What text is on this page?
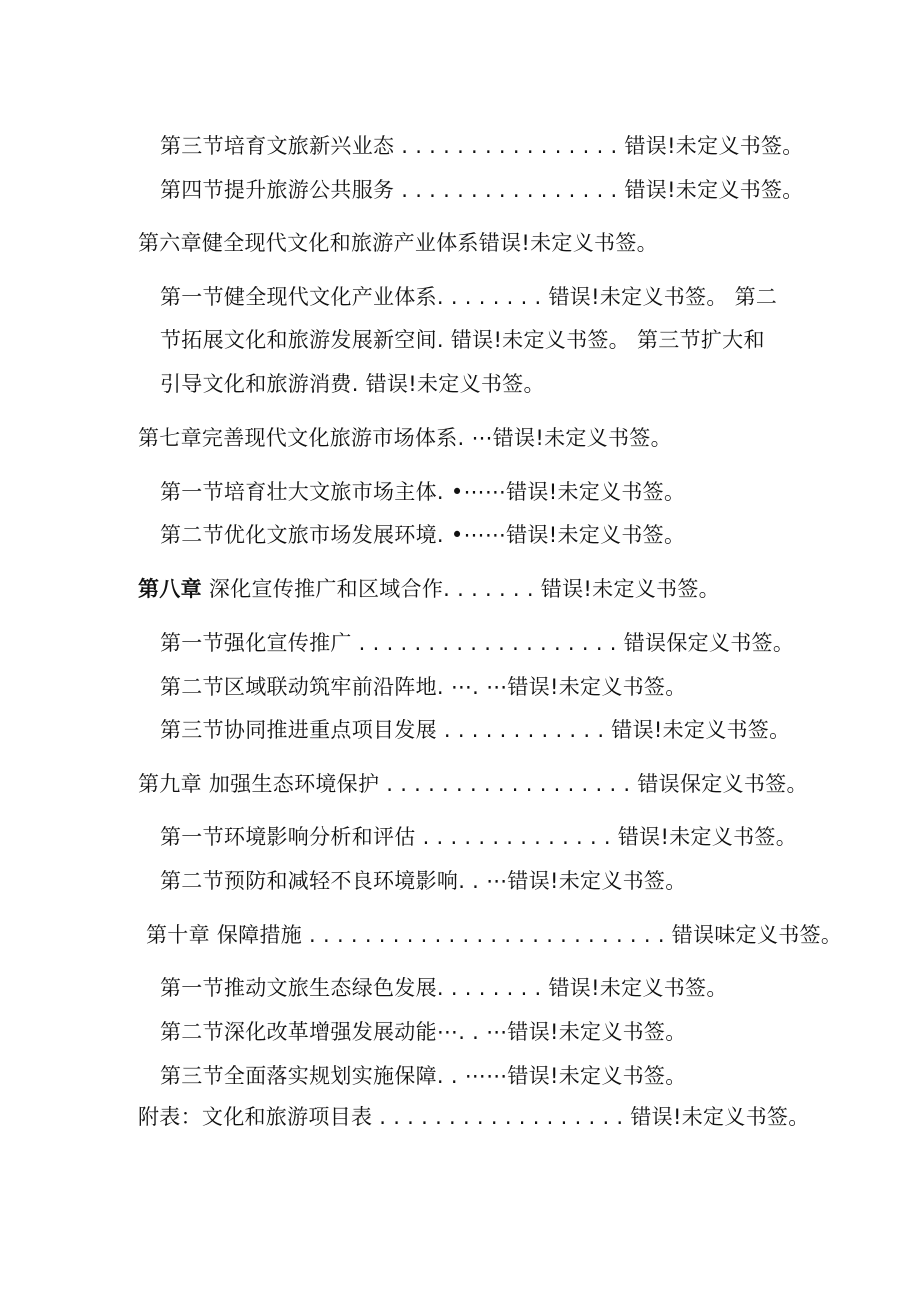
第三节培育文旅新兴业态 . . . . . . . . . . . . . . . . 错误!未定义书签。
第四节提升旅游公共服务 . . . . . . . . . . . . . . . . 错误!未定义书签。
第六章健全现代文化和旅游产业体系错误!未定义书签。
第一节健全现代文化产业体系. . . . . . . . 错误!未定义书签。 第二
节拓展文化和旅游发展新空间. 错误!未定义书签。 第三节扩大和
引导文化和旅游消费. 错误!未定义书签。
第七章完善现代文化旅游市场体系. ⋯错误!未定义书签。
第一节培育壮大文旅市场主体. •⋯⋯错误!未定义书签。
第二节优化文旅市场发展环境. •⋯⋯错误!未定义书签。
第八章 深化宣传推广和区域合作. . . . . . . 错误!未定义书签。
第一节强化宣传推广 . . . . . . . . . . . . . . . . . . . 错误保定义书签。
第二节区域联动筑牢前沿阵地. ⋯. ⋯错误!未定义书签。
第三节协同推进重点项目发展 . . . . . . . . . . . . 错误!未定义书签。
第九章 加强生态环境保护 . . . . . . . . . . . . . . . . . . 错误保定义书签。
第一节环境影响分析和评估 . . . . . . . . . . . . . . 错误!未定义书签。
第二节预防和减轻不良环境影响. . ⋯错误!未定义书签。
第十章 保障措施 . . . . . . . . . . . . . . . . . . . . . . . . . . 错误味定义书签。
第一节推动文旅生态绿色发展. . . . . . . . 错误!未定义书签。
第二节深化改革增强发展动能⋯. . ⋯错误!未定义书签。
第三节全面落实规划实施保障. . ⋯⋯错误!未定义书签。
附表：文化和旅游项目表 . . . . . . . . . . . . . . . . . . 错误!未定义书签。
